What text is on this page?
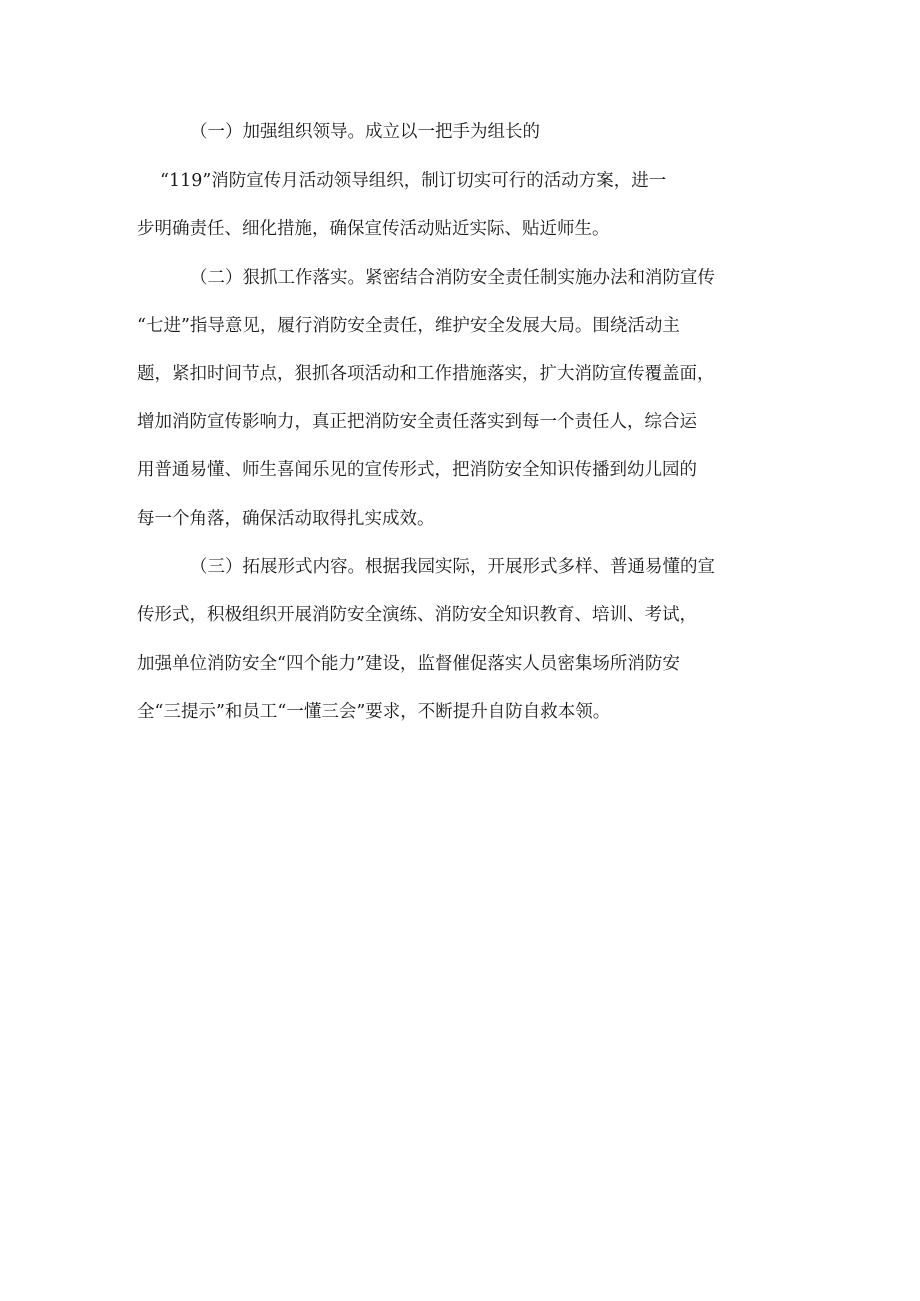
（一）加强组织领导。成立以一把手为组长的
“119”消防宣传月活动领导组织，制订切实可行的活动方案，进一
步明确责任、细化措施，确保宣传活动贴近实际、贴近师生。
（二）狠抓工作落实。紧密结合消防安全责任制实施办法和消防宣传
“七进”指导意见，履行消防安全责任，维护安全发展大局。围绕活动主
题，紧扣时间节点，狠抓各项活动和工作措施落实，扩大消防宣传覆盖面，
增加消防宣传影响力，真正把消防安全责任落实到每一个责任人，综合运
用普通易懂、师生喜闻乐见的宣传形式，把消防安全知识传播到幼儿园的
每一个角落，确保活动取得扎实成效。
（三）拓展形式内容。根据我园实际，开展形式多样、普通易懂的宣
传形式，积极组织开展消防安全演练、消防安全知识教育、培训、考试，
加强单位消防安全“四个能力”建设，监督催促落实人员密集场所消防安
全“三提示”和员工“一懂三会”要求，不断提升自防自救本领。
